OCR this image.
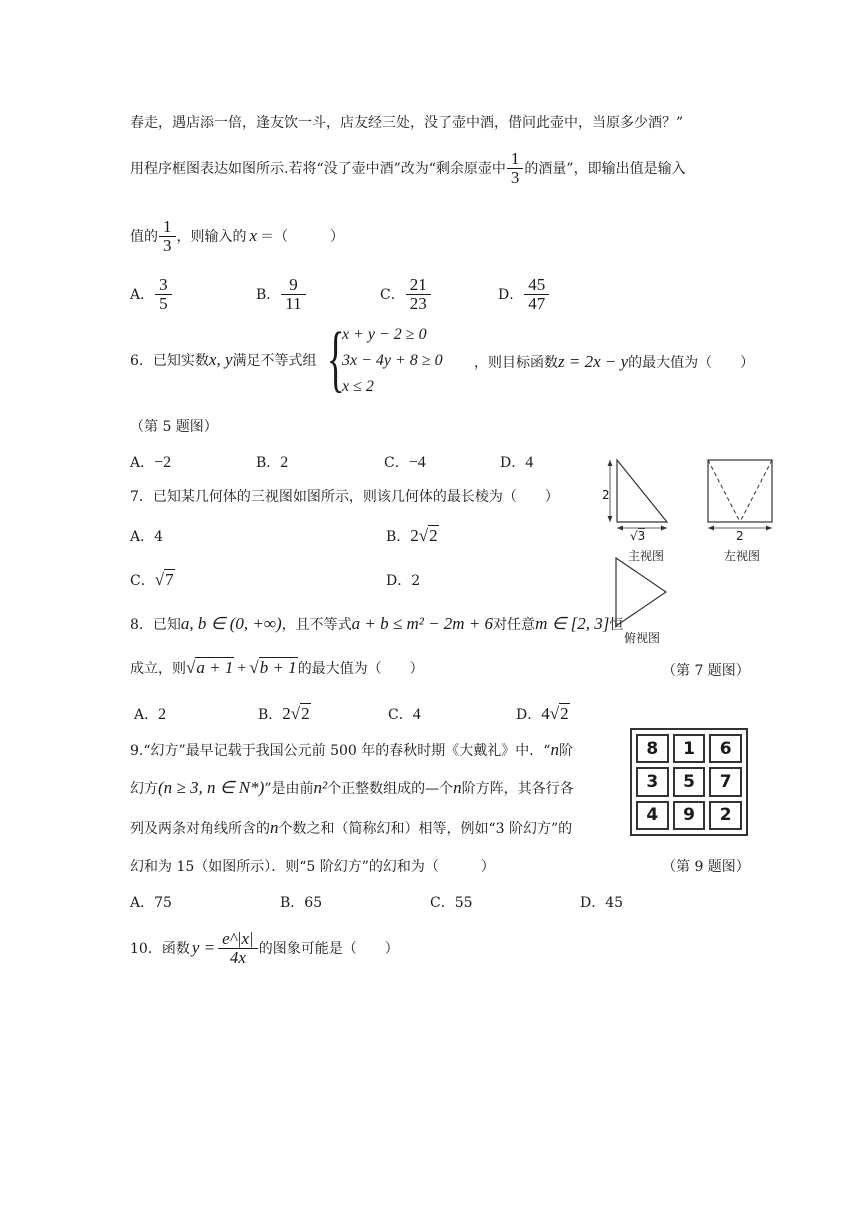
春走，遇店添一倍，逢友饮一斗，店友经三处，没了壶中酒，借问此壶中，当原多少酒？”
用程序框图表达如图所示.若将“没了壶中酒”改为“剩余原壶中 $\frac{1}{3}$ 的酒量”，即输出值是输入
值的 $\frac{1}{3}$ ，则输入的 x ＝（　　　）
A． $\frac{3}{5}$	B． $\frac{9}{11}$	C． $\frac{21}{23}$	D． $\frac{45}{47}$
6．已知实数x, y满足不等式组 {
x + y − 2 ≥ 0
3x − 4y + 8 ≥ 0
x ≤ 2
，则目标函数z = 2x − y的最大值为（　　）
（第 5 题图）
A．−2	B．2	C．−4	D．4
7．已知某几何体的三视图如图所示，则该几何体的最长棱为（　　）
A．4	B．2√2
C．√7	D．2
2
√3	2
主视图	左视图
俯视图
8．已知a, b ∈ (0, +∞)，且不等式a + b ≤ m² − 2m + 6对任意m ∈ [2, 3]恒
成立，则√a + 1 + √b + 1的最大值为（　　）	（第 7 题图）
A．2	B．2√2	C．4	D．4√2
9.“幻方”最早记载于我国公元前 500 年的春秋时期《大戴礼》中．“n阶
幻方(n ≥ 3, n ∈ N*)”是由前n²个正整数组成的—个n阶方阵，其各行各
列及两条对角线所含的n个数之和（简称幻和）相等，例如“3 阶幻方”的
幻和为 15（如图所示）．则“5 阶幻方”的幻和为（　　　）
8	1	6
3	5	7
4	9	2
（第 9 题图）
A．75	B．65	C．55	D．45
10．函数 $y = \frac{e\^{}|x|}{4x}$ 的图象可能是（　　）
